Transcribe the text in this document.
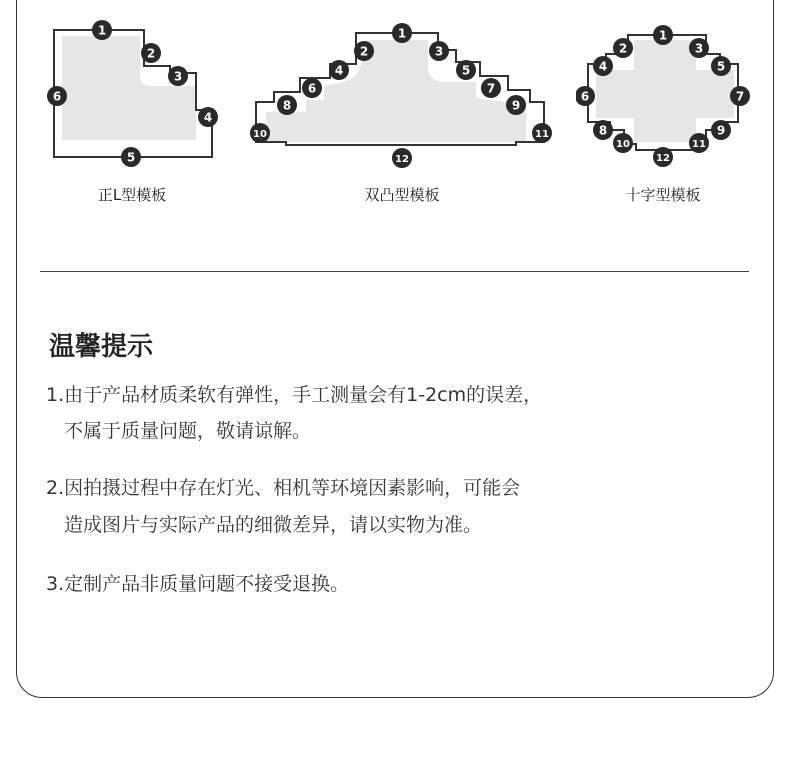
1
2
3
4
5
6
1
2	3
4	5
6	7
8	9
10	11
12
1
2	3
4	5
6	7
8	9
10	11
12
正L型模板	双凸型模板	十字型模板
温馨提示
1.由于产品材质柔软有弹性，手工测量会有1-2cm的误差，
不属于质量问题，敬请谅解。
2.因拍摄过程中存在灯光、相机等环境因素影响，可能会
造成图片与实际产品的细微差异，请以实物为准。
3.定制产品非质量问题不接受退换。
